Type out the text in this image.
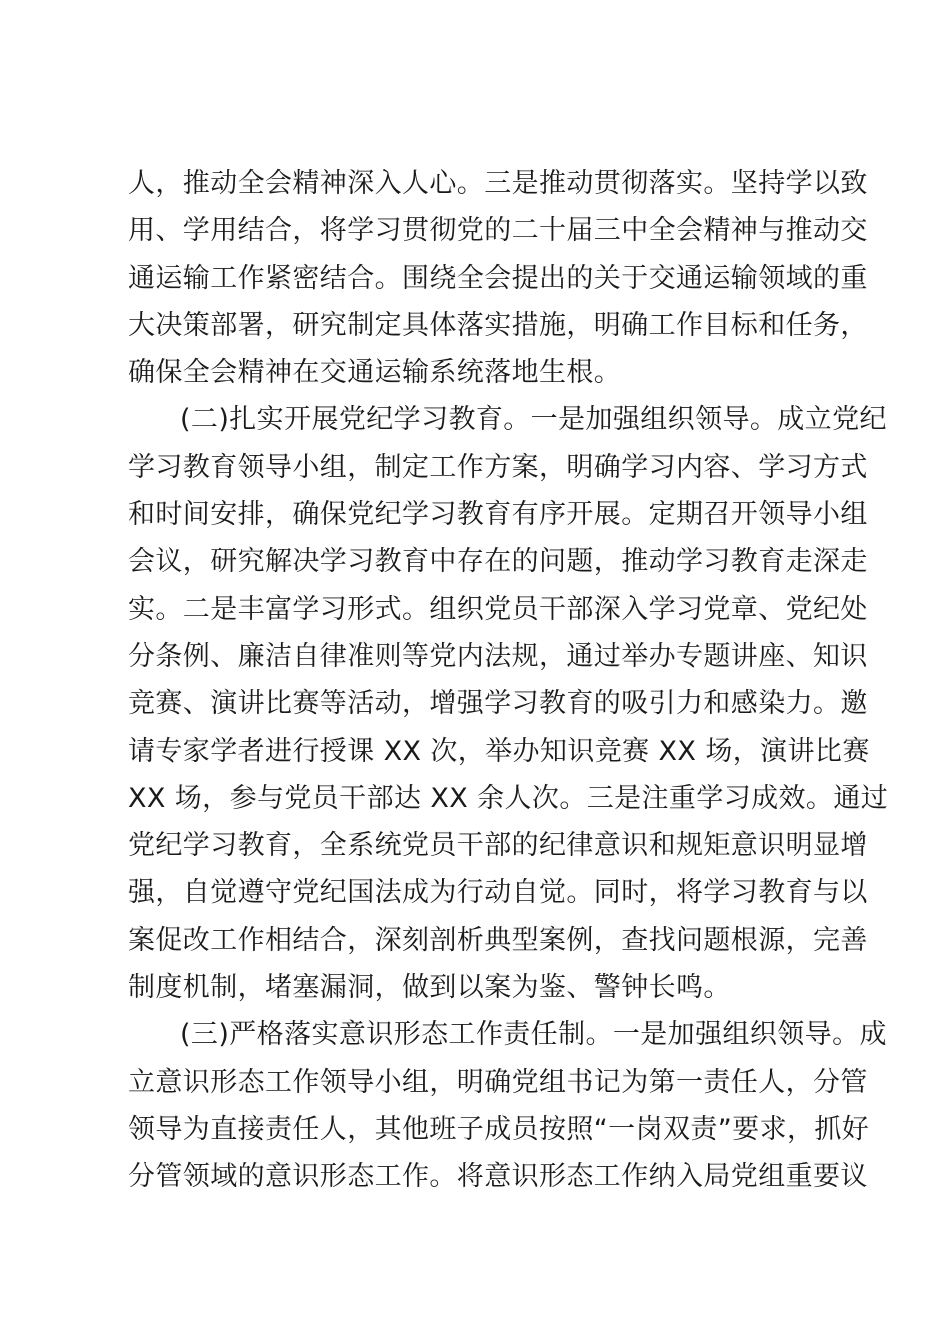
人，推动全会精神深入人心。三是推动贯彻落实。坚持学以致
用、学用结合，将学习贯彻党的二十届三中全会精神与推动交
通运输工作紧密结合。围绕全会提出的关于交通运输领域的重
大决策部署，研究制定具体落实措施，明确工作目标和任务，
确保全会精神在交通运输系统落地生根。
(二)扎实开展党纪学习教育。一是加强组织领导。成立党纪
学习教育领导小组，制定工作方案，明确学习内容、学习方式
和时间安排，确保党纪学习教育有序开展。定期召开领导小组
会议，研究解决学习教育中存在的问题，推动学习教育走深走
实。二是丰富学习形式。组织党员干部深入学习党章、党纪处
分条例、廉洁自律准则等党内法规，通过举办专题讲座、知识
竞赛、演讲比赛等活动，增强学习教育的吸引力和感染力。邀
请专家学者进行授课 XX 次，举办知识竞赛 XX 场，演讲比赛
XX 场，参与党员干部达 XX 余人次。三是注重学习成效。通过
党纪学习教育，全系统党员干部的纪律意识和规矩意识明显增
强，自觉遵守党纪国法成为行动自觉。同时，将学习教育与以
案促改工作相结合，深刻剖析典型案例，查找问题根源，完善
制度机制，堵塞漏洞，做到以案为鉴、警钟长鸣。
(三)严格落实意识形态工作责任制。一是加强组织领导。成
立意识形态工作领导小组，明确党组书记为第一责任人，分管
领导为直接责任人，其他班子成员按照“一岗双责”要求，抓好
分管领域的意识形态工作。将意识形态工作纳入局党组重要议
